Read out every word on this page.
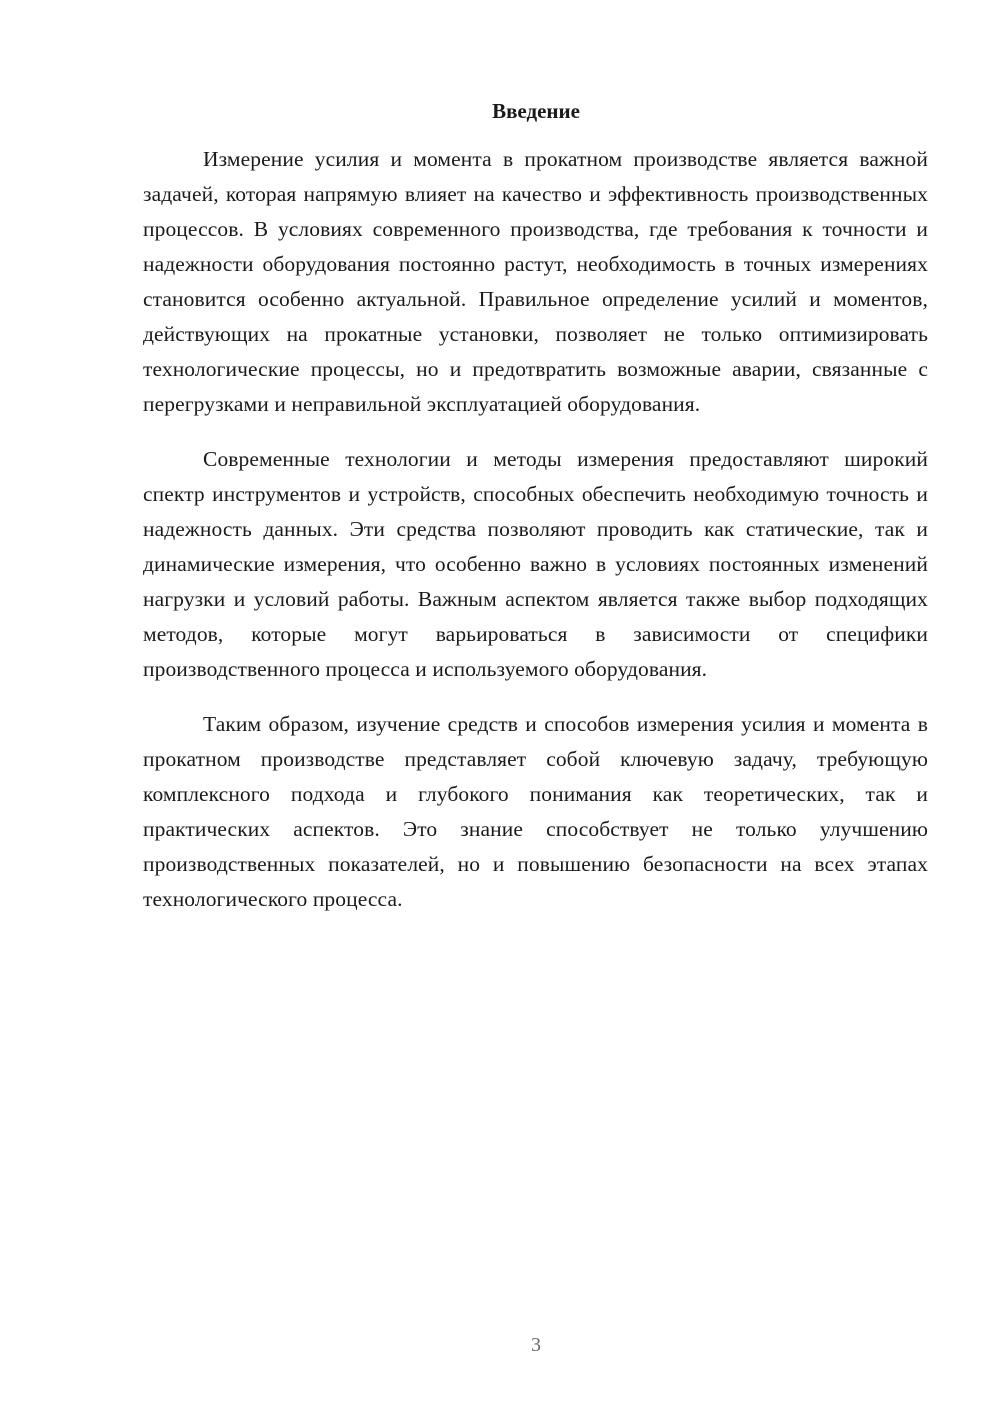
Введение

Измерение усилия и момента в прокатном производстве является важной задачей, которая напрямую влияет на качество и эффективность производственных процессов. В условиях современного производства, где требования к точности и надежности оборудования постоянно растут, необходимость в точных измерениях становится особенно актуальной. Правильное определение усилий и моментов, действующих на прокатные установки, позволяет не только оптимизировать технологические процессы, но и предотвратить возможные аварии, связанные с перегрузками и неправильной эксплуатацией оборудования.

Современные технологии и методы измерения предоставляют широкий спектр инструментов и устройств, способных обеспечить необходимую точность и надежность данных. Эти средства позволяют проводить как статические, так и динамические измерения, что особенно важно в условиях постоянных изменений нагрузки и условий работы. Важным аспектом является также выбор подходящих методов, которые могут варьироваться в зависимости от специфики производственного процесса и используемого оборудования.

Таким образом, изучение средств и способов измерения усилия и момента в прокатном производстве представляет собой ключевую задачу, требующую комплексного подхода и глубокого понимания как теоретических, так и практических аспектов. Это знание способствует не только улучшению производственных показателей, но и повышению безопасности на всех этапах технологического процесса.

3
